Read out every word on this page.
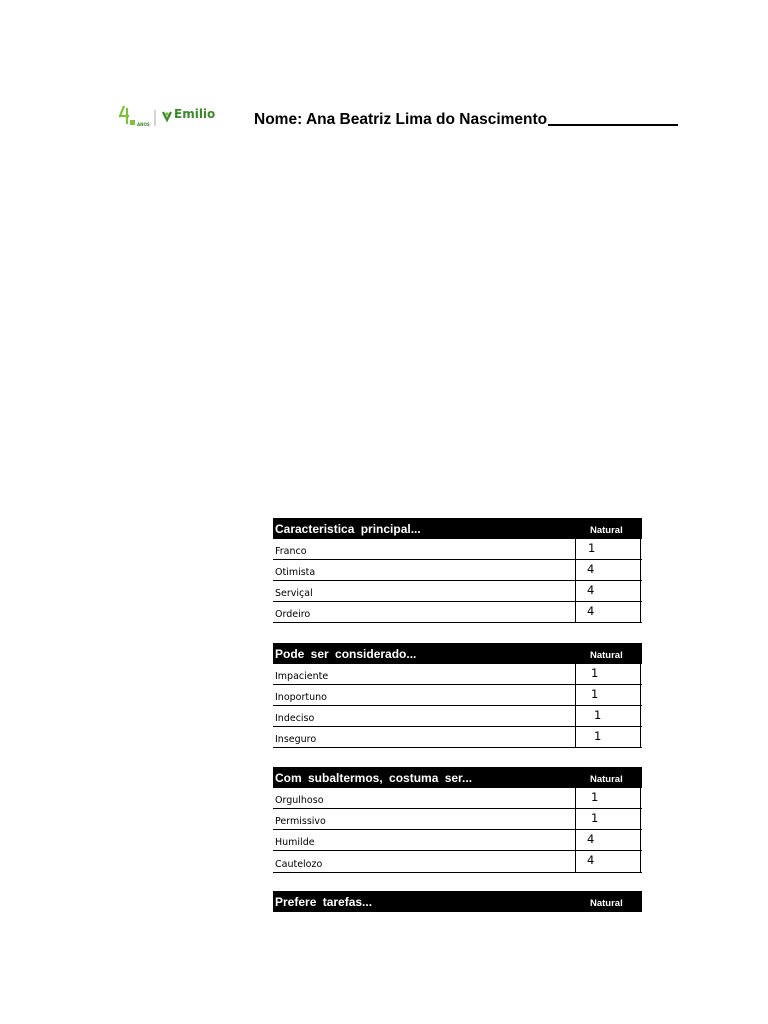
ANOS
Emilio Nome: Ana Beatriz Lima do Nascimento
Caracteristica principal...	Natural
Franco	1
Otimista	4
Serviçal	4
Ordeiro	4
Pode ser considerado...	Natural
Impaciente	1
Inoportuno	1
Indeciso	1
Inseguro	1
Com subaltermos, costuma ser...	Natural
Orgulhoso	1
Permissivo	1
Humilde	4
Cautelozo	4
Prefere tarefas...	Natural
